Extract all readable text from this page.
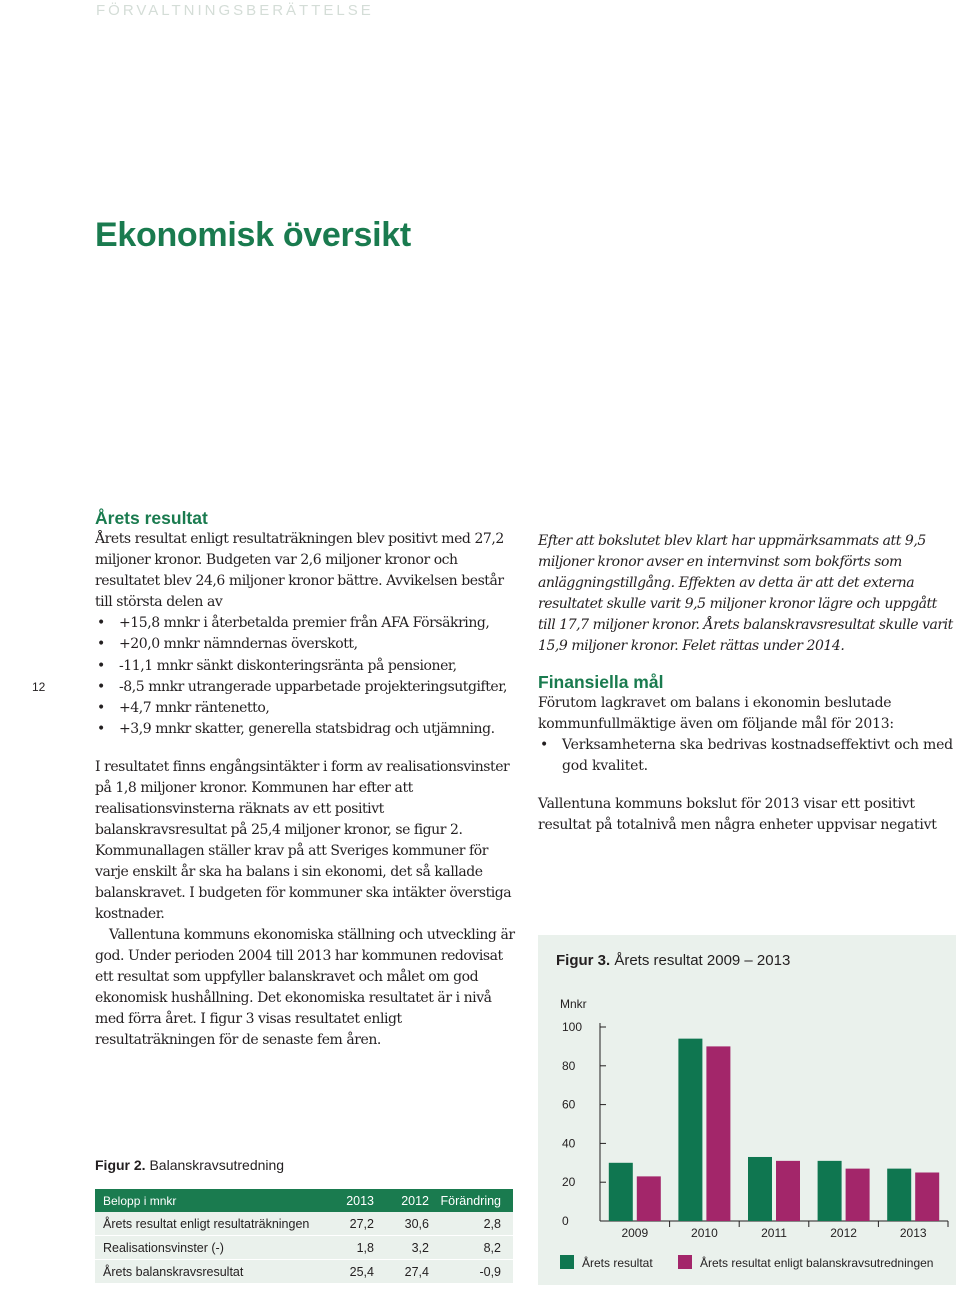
FÖRVALTNINGSBERÄTTELSE
Ekonomisk översikt
12
Årets resultat

Årets resultat enligt resultaträkningen blev positivt med 27,2 miljoner kronor. Budgeten var 2,6 miljoner kronor och resultatet blev 24,6 miljoner kronor bättre. Avvikelsen består till största delen av

• +15,8 mnkr i återbetalda premier från AFA Försäkring,
• +20,0 mnkr nämndernas överskott,
• -11,1 mnkr sänkt diskonteringsränta på pensioner,
• -8,5 mnkr utrangerade upparbetade projekteringsutgifter,
• +4,7 mnkr räntenetto,
• +3,9 mnkr skatter, generella statsbidrag och utjämning.

I resultatet finns engångsintäkter i form av realisationsvinster på 1,8 miljoner kronor. Kommunen har efter att realisationsvinsterna räknats av ett positivt balanskravsresultat på 25,4 miljoner kronor, se figur 2. Kommunallagen ställer krav på att Sveriges kommuner för varje enskilt år ska ha balans i sin ekonomi, det så kallade balanskravet. I budgeten för kommuner ska intäkter överstiga kostnader.

Vallentuna kommuns ekonomiska ställning och utveckling är god. Under perioden 2004 till 2013 har kommunen redovisat ett resultat som uppfyller balanskravet och målet om god ekonomisk hushållning. Det ekonomiska resultatet är i nivå med förra året. I figur 3 visas resultatet enligt resultaträkningen för de senaste fem åren.

Efter att bokslutet blev klart har uppmärksammats att 9,5 miljoner kronor avser en internvinst som bokförts som anläggningstillgång. Effekten av detta är att det externa resultatet skulle varit 9,5 miljoner kronor lägre och uppgått till 17,7 miljoner kronor. Årets balanskravsresultat skulle varit 15,9 miljoner kronor. Felet rättas under 2014.

Finansiella mål

Förutom lagkravet om balans i ekonomin beslutade kommunfullmäktige även om följande mål för 2013:

• Verksamheterna ska bedrivas kostnadseffektivt och med god kvalitet.

Vallentuna kommuns bokslut för 2013 visar ett positivt resultat på totalnivå men några enheter uppvisar negativt

Figur 2. Balanskravsutredning
Belopp i mnkr	2013	2012 Förändring
Årets resultat enligt resultaträkningen	27,2	30,6	2,8
Realisationsvinster (-)	1,8	3,2	8,2
Årets balanskravsresultat	25,4	27,4	-0,9
Figur 3. Årets resultat 2009 – 2013
Mnkr
0
20
40
60
80
100
2009	2010	2011	2012	2013
Årets resultat	Årets resultat enligt balanskravsutredningen
